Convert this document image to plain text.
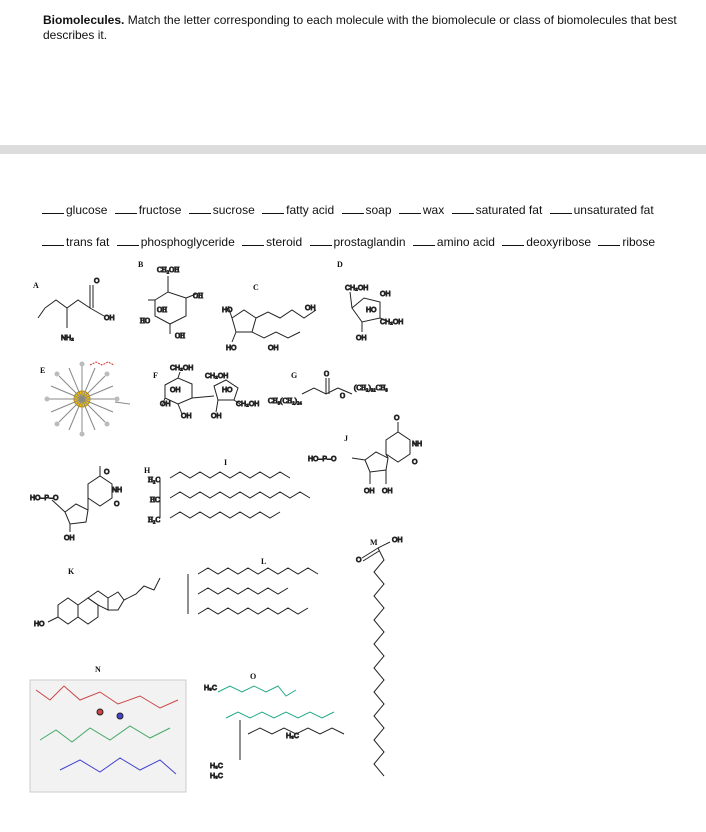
Biomolecules. Match the letter corresponding to each molecule with the biomolecule or class of biomolecules that best describes it.
glucose	fructose	sucrose	fatty acid	soap	wax	saturated fat	unsaturated fat
trans fat	phosphoglyceride	steroid	prostaglandin	amino acid	deoxyribose	ribose
A
B
C
D
E
F	G
H
I
J
K
L
M
N
O
O
OH
NH₂
CH₂OH
OH
OH
HO
OH
HO
HO	OH
OH
CH₂OH
OH
HO
CH₂OH
OH
CH₂OH
OH
OH
OH
CH₂OH
HO
CH₂OH
OH
CH₃(CH₂)₂₄
O
O
(CH₂)₃₂CH₃
HO–P–O
O
NH
O
OH OH
HO–P–O
O
NH
O
OH
H₂C
HC
H₂C
HO
O
OH
H₃C
H₃C
H₃C
H₃C
